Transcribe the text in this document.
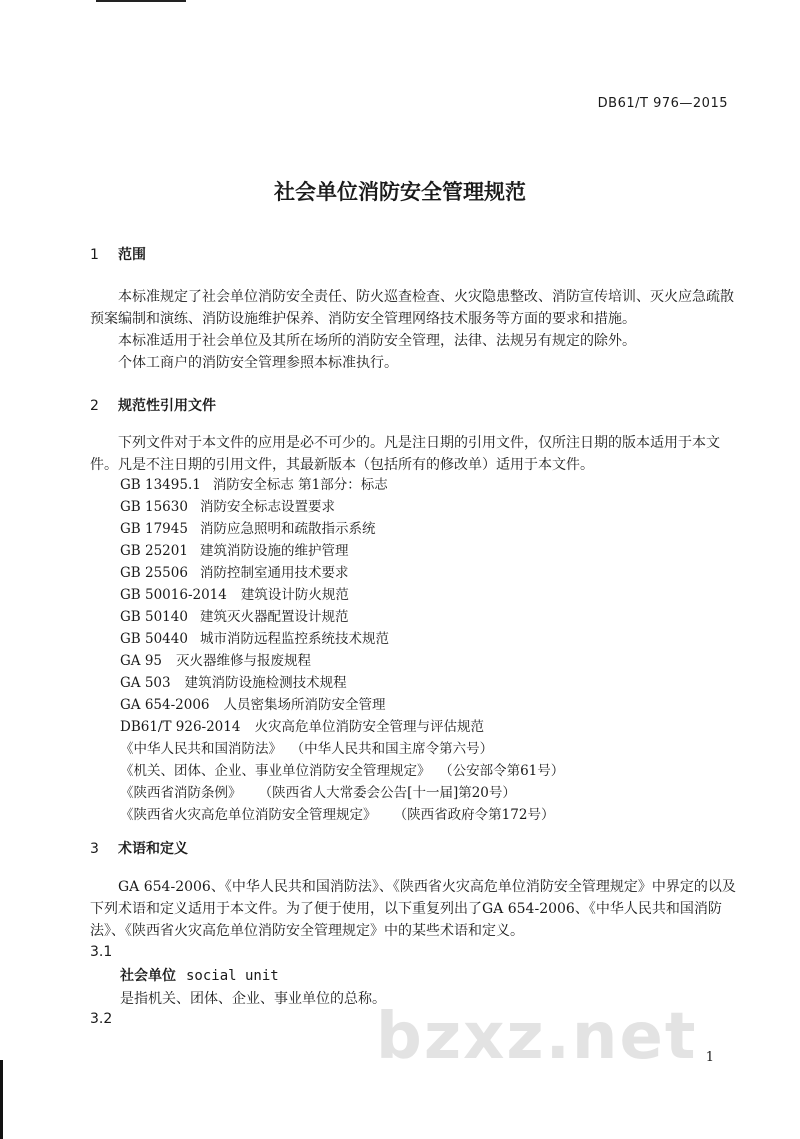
DB61/T 976—2015
社会单位消防安全管理规范
1 范围

本标准规定了社会单位消防安全责任、防火巡查检查、火灾隐患整改、消防宣传培训、灭火应急疏散预案编制和演练、消防设施维护保养、消防安全管理网络技术服务等方面的要求和措施。

本标准适用于社会单位及其所在场所的消防安全管理，法律、法规另有规定的除外。

个体工商户的消防安全管理参照本标准执行。

2 规范性引用文件

下列文件对于本文件的应用是必不可少的。凡是注日期的引用文件，仅所注日期的版本适用于本文件。凡是不注日期的引用文件，其最新版本（包括所有的修改单）适用于本文件。

GB 13495.1 消防安全标志 第1部分：标志
GB 15630 消防安全标志设置要求
GB 17945 消防应急照明和疏散指示系统
GB 25201 建筑消防设施的维护管理
GB 25506 消防控制室通用技术要求
GB 50016-2014 建筑设计防火规范
GB 50140 建筑灭火器配置设计规范
GB 50440 城市消防远程监控系统技术规范
GA 95 灭火器维修与报废规程
GA 503 建筑消防设施检测技术规程
GA 654-2006 人员密集场所消防安全管理
DB61/T 926-2014 火灾高危单位消防安全管理与评估规范
《中华人民共和国消防法》 （中华人民共和国主席令第六号）
《机关、团体、企业、事业单位消防安全管理规定》 （公安部令第61号）
《陕西省消防条例》 （陕西省人大常委会公告[十一届]第20号）
《陕西省火灾高危单位消防安全管理规定》 （陕西省政府令第172号）
3 术语和定义

GA 654-2006、《中华人民共和国消防法》、《陕西省火灾高危单位消防安全管理规定》中界定的以及下列术语和定义适用于本文件。为了便于使用，以下重复列出了GA 654-2006、《中华人民共和国消防法》、《陕西省火灾高危单位消防安全管理规定》中的某些术语和定义。

3.1
社会单位 social unit
是指机关、团体、企业、事业单位的总称。
3.2	bzxz.net 1
